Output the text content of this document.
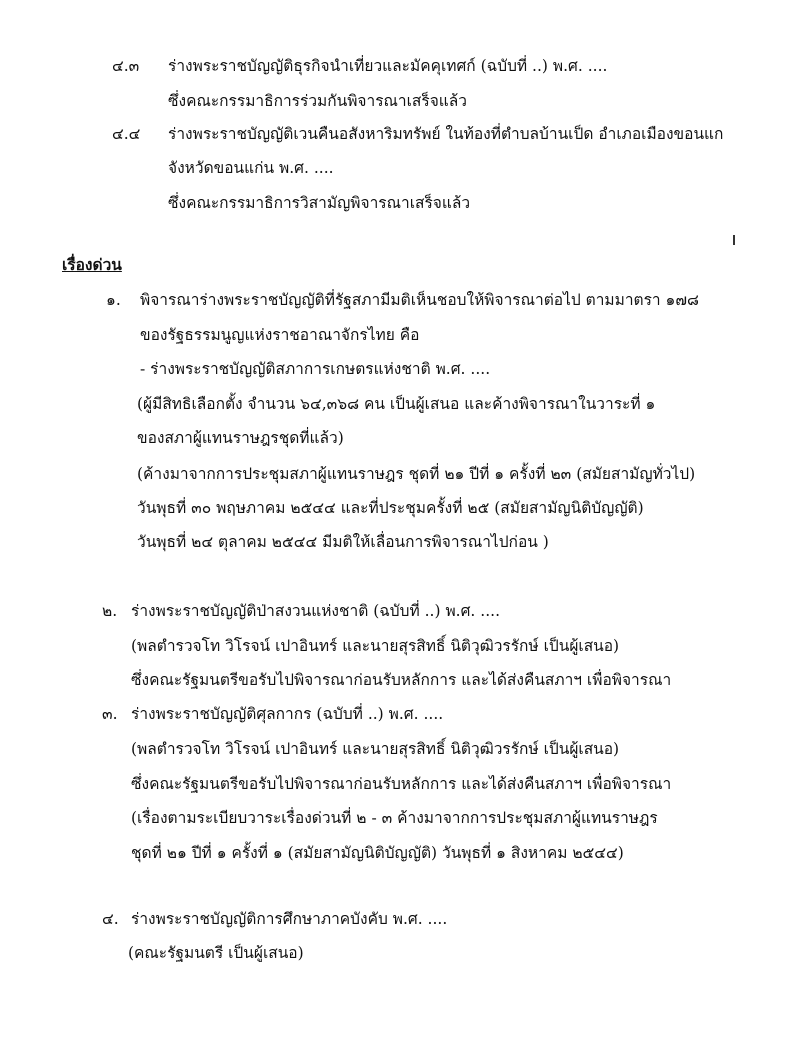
๔.๓ ร่างพระราชบัญญัติธุรกิจนำเที่ยวและมัคคุเทศก์ (ฉบับที่ ..) พ.ศ. ....
ซึ่งคณะกรรมาธิการร่วมกันพิจารณาเสร็จแล้ว
๔.๔ ร่างพระราชบัญญัติเวนคืนอสังหาริมทรัพย์ ในท้องที่ตำบลบ้านเป็ด อำเภอเมืองขอนแก
จังหวัดขอนแก่น พ.ศ. ....
ซึ่งคณะกรรมาธิการวิสามัญพิจารณาเสร็จแล้ว
เรื่องด่วน
๑. พิจารณาร่างพระราชบัญญัติที่รัฐสภามีมติเห็นชอบให้พิจารณาต่อไป ตามมาตรา ๑๗๘
ของรัฐธรรมนูญแห่งราชอาณาจักรไทย คือ
- ร่างพระราชบัญญัติสภาการเกษตรแห่งชาติ พ.ศ. ....
(ผู้มีสิทธิเลือกตั้ง จำนวน ๖๔,๓๖๘ คน เป็นผู้เสนอ และค้างพิจารณาในวาระที่ ๑
ของสภาผู้แทนราษฎรชุดที่แล้ว)
(ค้างมาจากการประชุมสภาผู้แทนราษฎร ชุดที่ ๒๑ ปีที่ ๑ ครั้งที่ ๒๓ (สมัยสามัญทั่วไป)
วันพุธที่ ๓๐ พฤษภาคม ๒๕๔๔ และที่ประชุมครั้งที่ ๒๕ (สมัยสามัญนิติบัญญัติ)
วันพุธที่ ๒๔ ตุลาคม ๒๕๔๔ มีมติให้เลื่อนการพิจารณาไปก่อน )
๒. ร่างพระราชบัญญัติป่าสงวนแห่งชาติ (ฉบับที่ ..) พ.ศ. ....
(พลตำรวจโท วิโรจน์ เปาอินทร์ และนายสุรสิทธิ์ นิติวุฒิวรรักษ์ เป็นผู้เสนอ)
ซึ่งคณะรัฐมนตรีขอรับไปพิจารณาก่อนรับหลักการ และได้ส่งคืนสภาฯ เพื่อพิจารณา
๓. ร่างพระราชบัญญัติศุลกากร (ฉบับที่ ..) พ.ศ. ....
(พลตำรวจโท วิโรจน์ เปาอินทร์ และนายสุรสิทธิ์ นิติวุฒิวรรักษ์ เป็นผู้เสนอ)
ซึ่งคณะรัฐมนตรีขอรับไปพิจารณาก่อนรับหลักการ และได้ส่งคืนสภาฯ เพื่อพิจารณา
(เรื่องตามระเบียบวาระเรื่องด่วนที่ ๒ - ๓ ค้างมาจากการประชุมสภาผู้แทนราษฎร
ชุดที่ ๒๑ ปีที่ ๑ ครั้งที่ ๑ (สมัยสามัญนิติบัญญัติ) วันพุธที่ ๑ สิงหาคม ๒๕๔๔)
๔. ร่างพระราชบัญญัติการศึกษาภาคบังคับ พ.ศ. ....
(คณะรัฐมนตรี เป็นผู้เสนอ)
